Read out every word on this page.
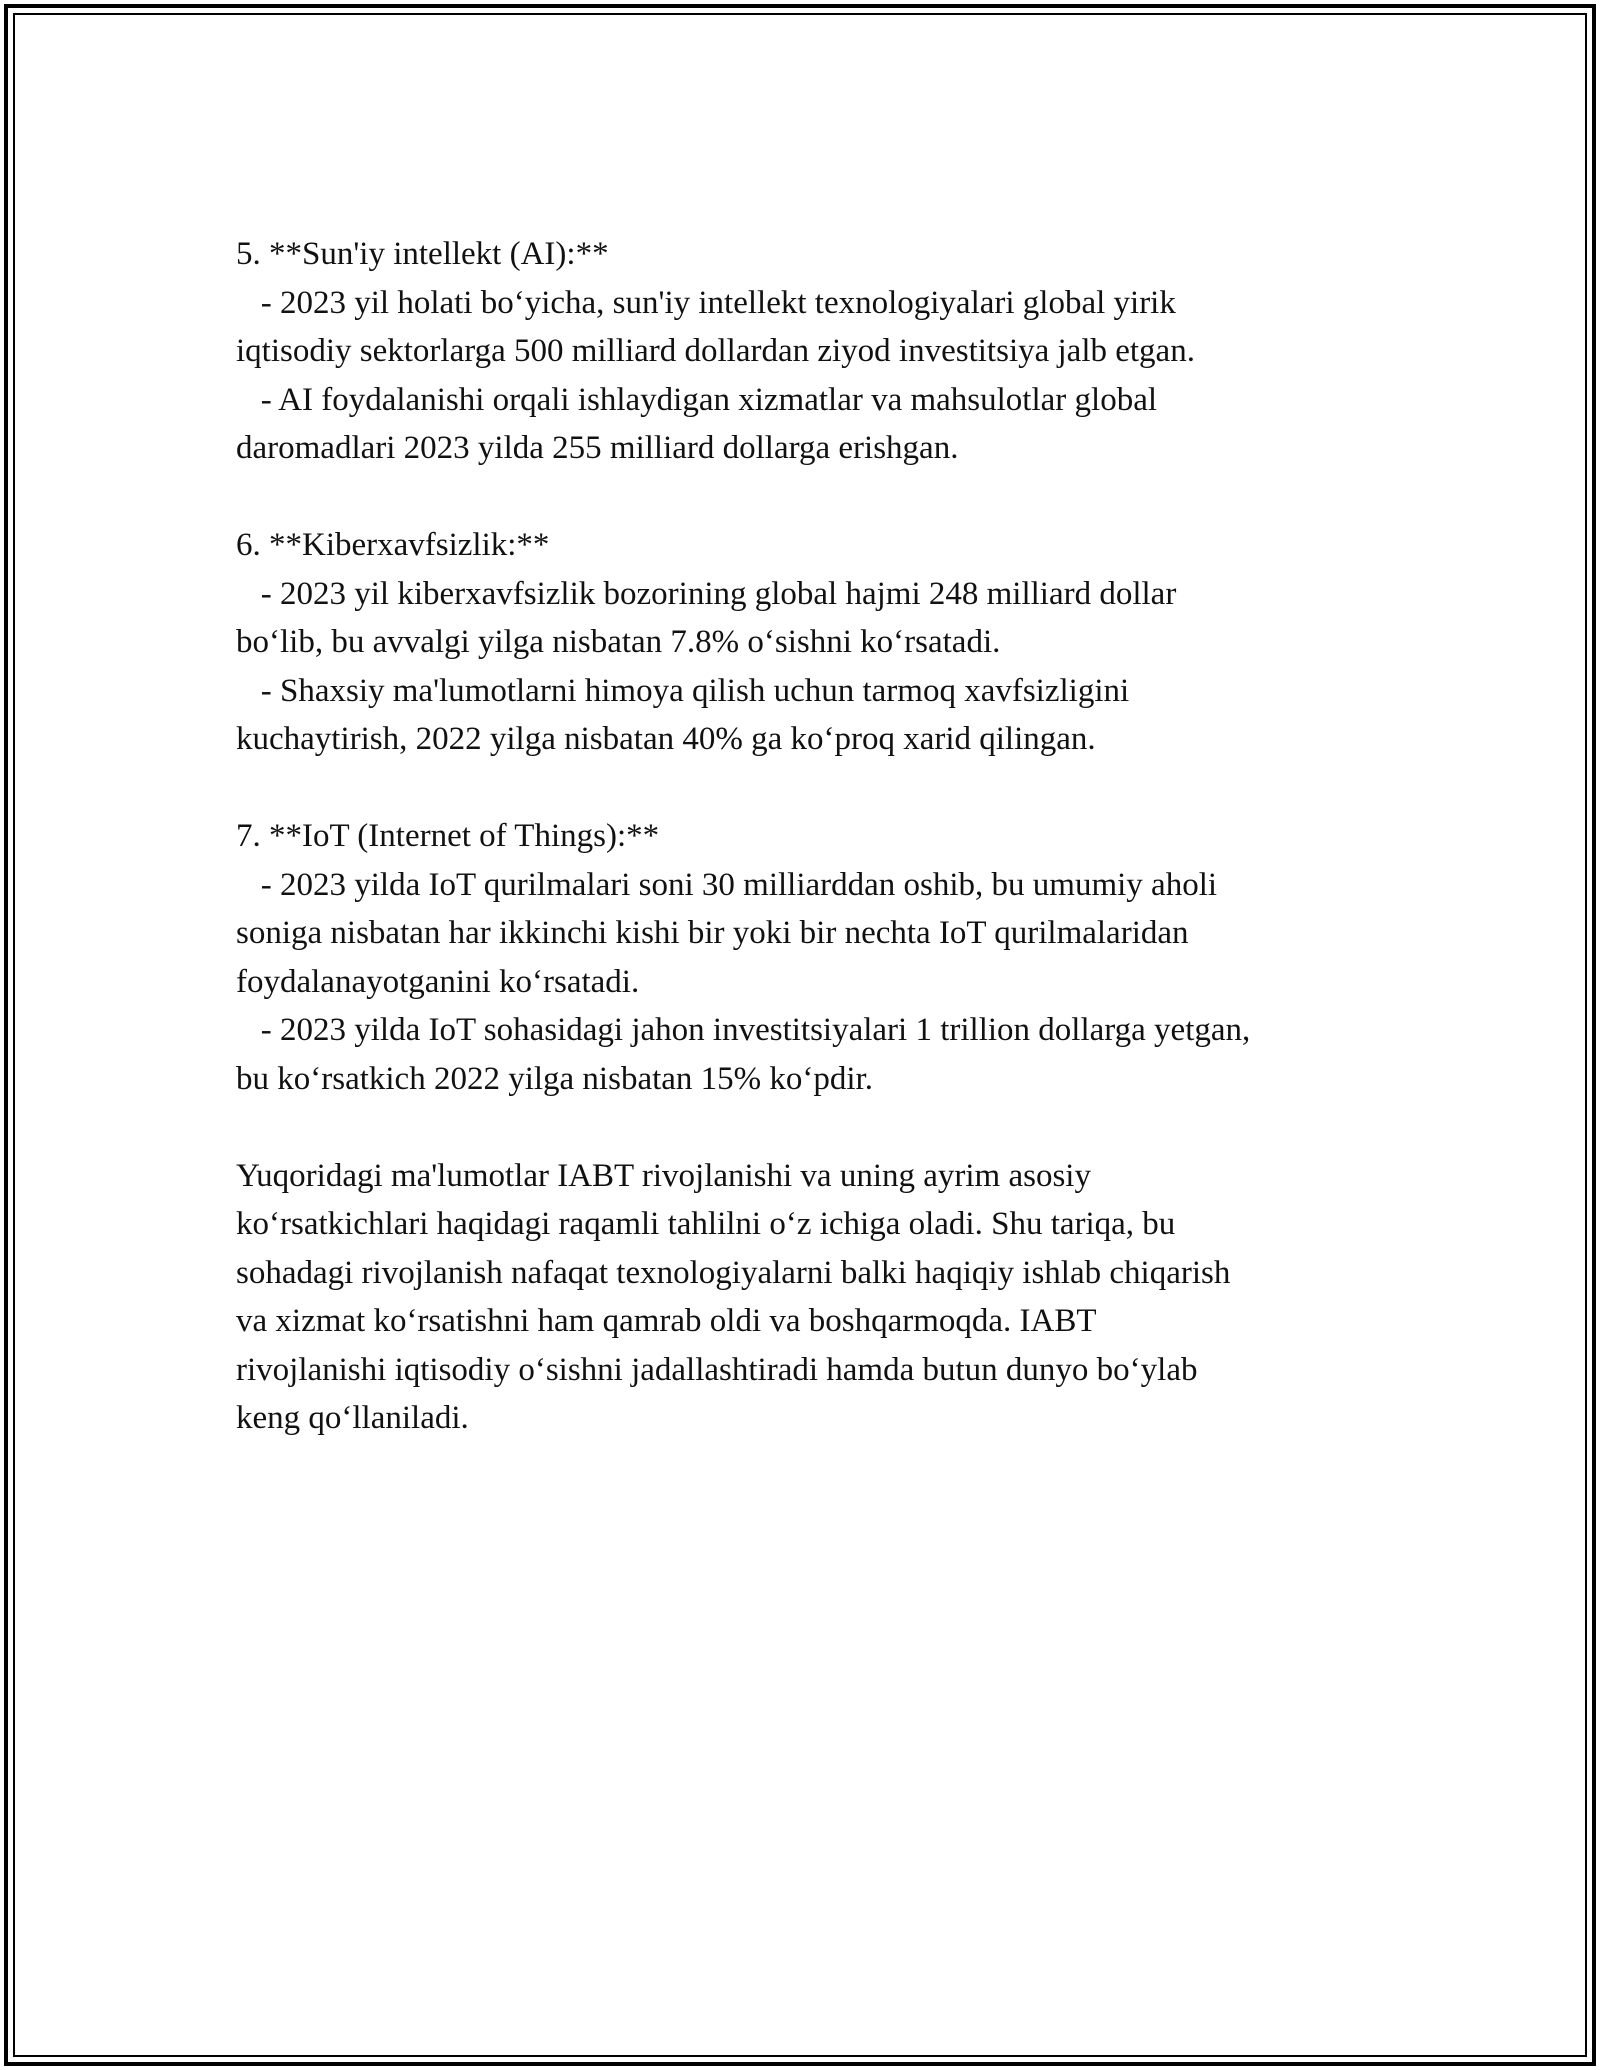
5. **Sun'iy intellekt (AI):**
- 2023 yil holati bo‘yicha, sun'iy intellekt texnologiyalari global yirik
iqtisodiy sektorlarga 500 milliard dollardan ziyod investitsiya jalb etgan.
- AI foydalanishi orqali ishlaydigan xizmatlar va mahsulotlar global
daromadlari 2023 yilda 255 milliard dollarga erishgan.
6. **Kiberxavfsizlik:**
- 2023 yil kiberxavfsizlik bozorining global hajmi 248 milliard dollar
bo‘lib, bu avvalgi yilga nisbatan 7.8% o‘sishni ko‘rsatadi.
- Shaxsiy ma'lumotlarni himoya qilish uchun tarmoq xavfsizligini
kuchaytirish, 2022 yilga nisbatan 40% ga ko‘proq xarid qilingan.
7. **IoT (Internet of Things):**
- 2023 yilda IoT qurilmalari soni 30 milliarddan oshib, bu umumiy aholi
soniga nisbatan har ikkinchi kishi bir yoki bir nechta IoT qurilmalaridan
foydalanayotganini ko‘rsatadi.
- 2023 yilda IoT sohasidagi jahon investitsiyalari 1 trillion dollarga yetgan,
bu ko‘rsatkich 2022 yilga nisbatan 15% ko‘pdir.
Yuqoridagi ma'lumotlar IABT rivojlanishi va uning ayrim asosiy
ko‘rsatkichlari haqidagi raqamli tahlilni o‘z ichiga oladi. Shu tariqa, bu
sohadagi rivojlanish nafaqat texnologiyalarni balki haqiqiy ishlab chiqarish
va xizmat ko‘rsatishni ham qamrab oldi va boshqarmoqda. IABT
rivojlanishi iqtisodiy o‘sishni jadallashtiradi hamda butun dunyo bo‘ylab
keng qo‘llaniladi.
